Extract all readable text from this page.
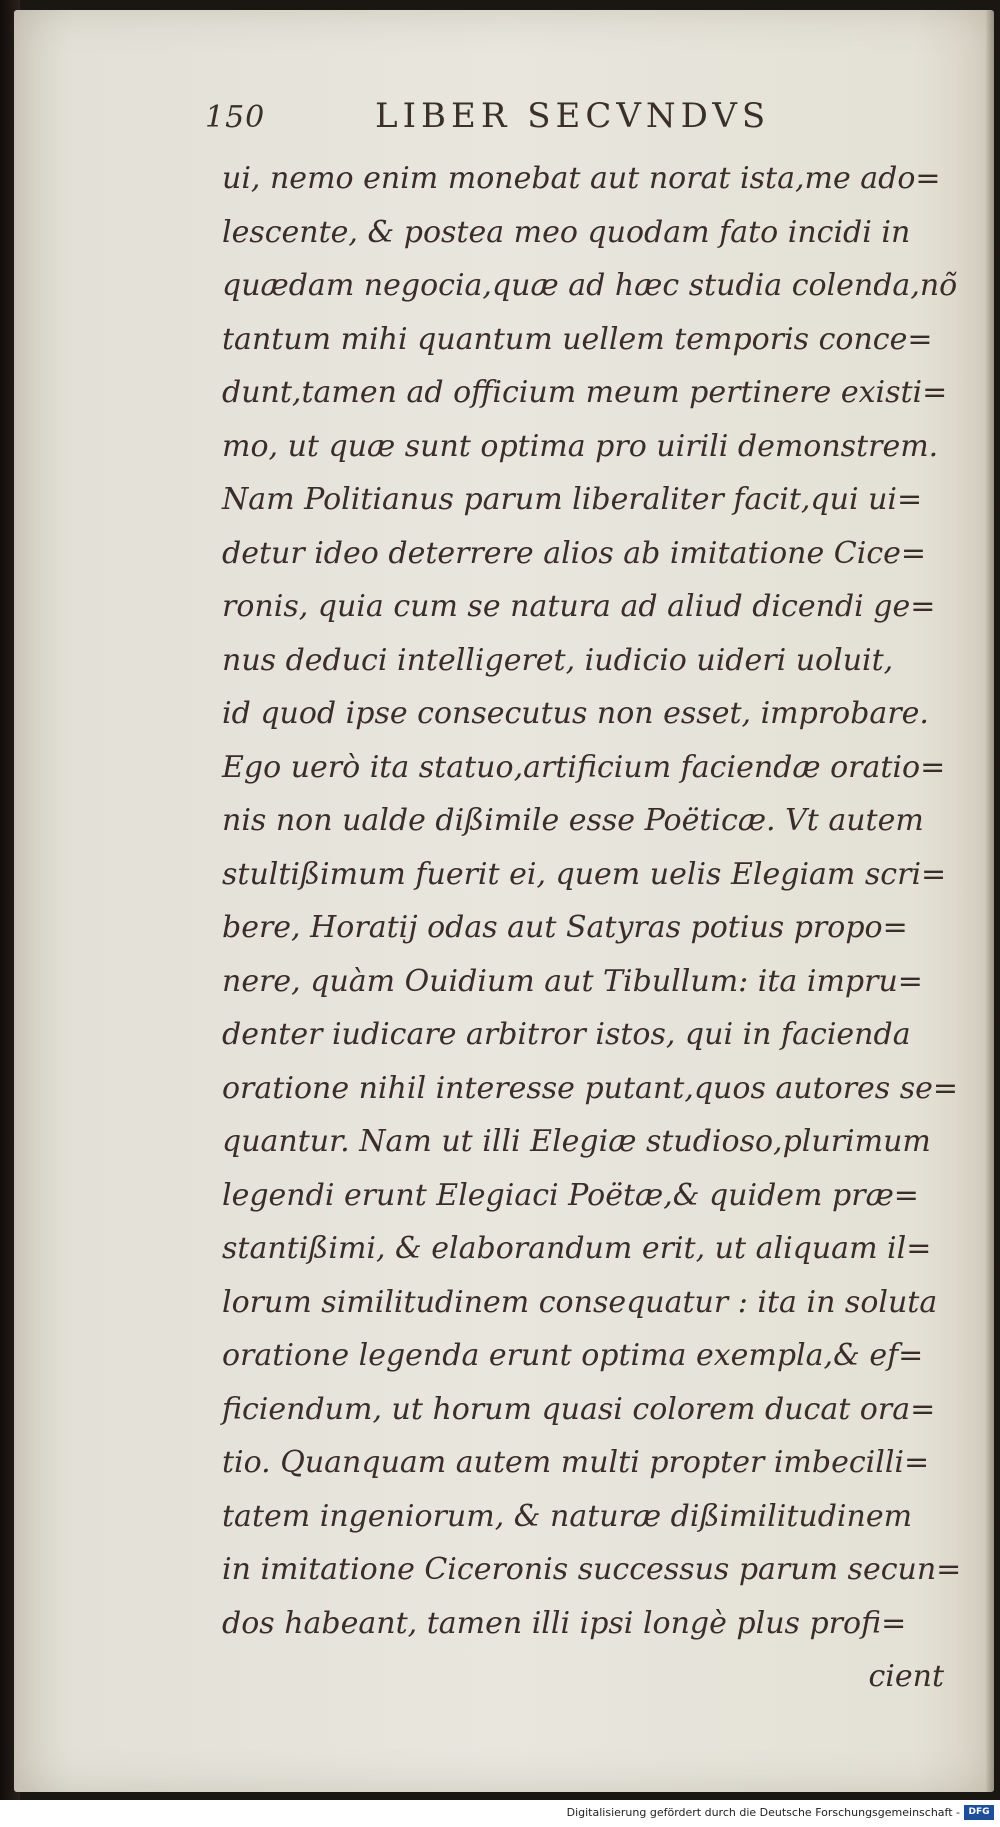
150	LIBER SECVNDVS
ui, nemo enim monebat aut norat ista,me ado=
lescente, & postea meo quodam fato incidi in
quædam negocia,quæ ad hæc studia colenda,nõ
tantum mihi quantum uellem temporis conce=
dunt,tamen ad officium meum pertinere existi=
mo, ut quæ sunt optima pro uirili demonstrem.
Nam Politianus parum liberaliter facit,qui ui=
detur ideo deterrere alios ab imitatione Cice=
ronis, quia cum se natura ad aliud dicendi ge=
nus deduci intelligeret, iudicio uideri uoluit,
id quod ipse consecutus non esset, improbare.
Ego uerò ita statuo,artificium faciendæ oratio=
nis non ualde dißimile esse Poëticæ. Vt autem
stultißimum fuerit ei, quem uelis Elegiam scri=
bere, Horatij odas aut Satyras potius propo=
nere, quàm Ouidium aut Tibullum: ita impru=
denter iudicare arbitror istos, qui in facienda
oratione nihil interesse putant,quos autores se=
quantur. Nam ut illi Elegiæ studioso,plurimum
legendi erunt Elegiaci Poëtæ,& quidem præ=
stantißimi, & elaborandum erit, ut aliquam il=
lorum similitudinem consequatur : ita in soluta
oratione legenda erunt optima exempla,& ef=
ficiendum, ut horum quasi colorem ducat ora=
tio. Quanquam autem multi propter imbecilli=
tatem ingeniorum, & naturæ dißimilitudinem
in imitatione Ciceronis successus parum secun=
dos habeant, tamen illi ipsi longè plus profi=
cient
Digitalisierung gefördert durch die Deutsche Forschungsgemeinschaft - DFG
